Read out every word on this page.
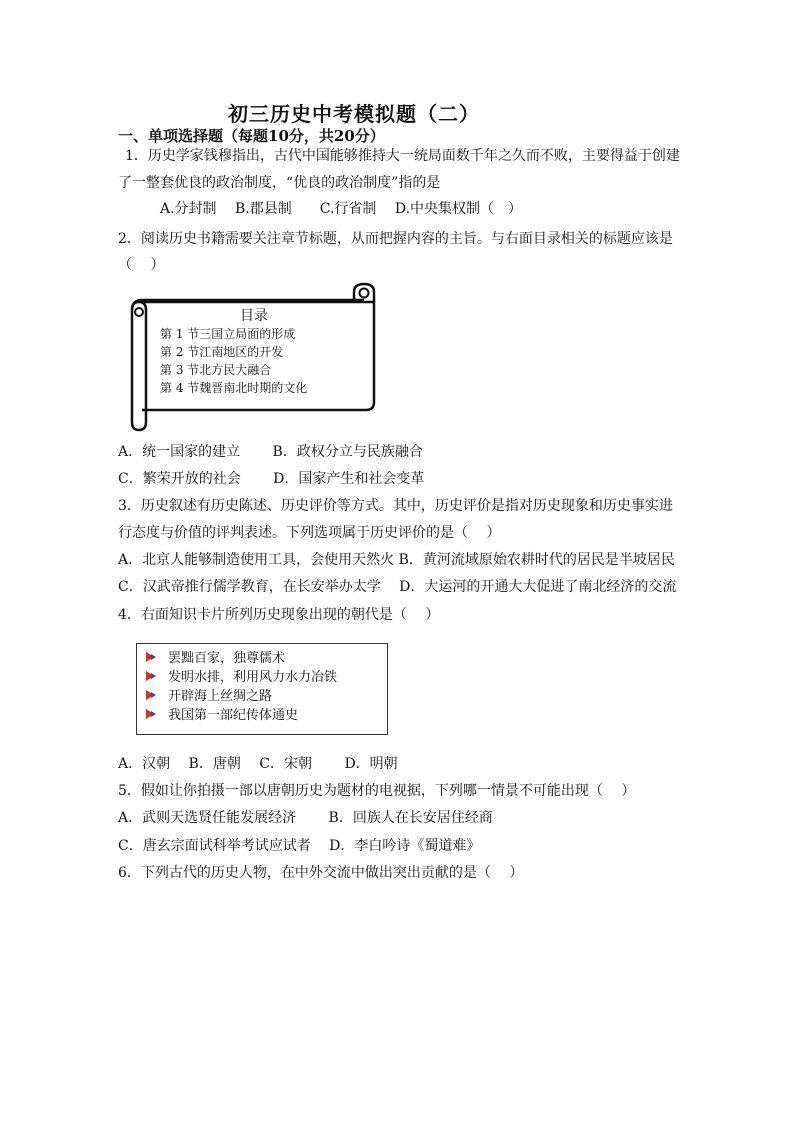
初三历史中考模拟题（二）
一、单项选择题（每题10分，共20分）
1．历史学家钱穆指出，古代中国能够推持大一统局面数千年之久而不败，主要得益于创建
了一整套优良的政治制度，“优良的政治制度”指的是
A.分封制　 B.郡县制　　C.行省制　 D.中央集权制（　）
2．阅读历史书籍需要关注章节标题，从而把握内容的主旨。与右面目录相关的标题应该是
（　 ）
目录
第 1 节三国立局面的形成
第 2 节江南地区的开发
第 3 节北方民大融合
第 4 节魏晋南北时期的文化
A．统一国家的建立　　 B．政权分立与民族融合
C．繁荣开放的社会　　 D．国家产生和社会变革
3．历史叙述有历史陈述、历史评价等方式。其中，历史评价是指对历史现象和历史事实进
行态度与价值的评判表述。下列选项属于历史评价的是（　 ）
A．北京人能够制造使用工具，会使用天然火 B．黄河流域原始农耕时代的居民是半坡居民
C．汉武帝推行儒学教育，在长安举办太学　 D．大运河的开通大大促进了南北经济的交流
4．右面知识卡片所列历史现象出现的朝代是（　 ）
罢黜百家，独尊儒术
发明水排，利用风力水力冶铁
开辟海上丝绸之路
我国第一部纪传体通史
A．汉朝　 B．唐朝　 C．宋朝　　 D．明朝
5．假如让你拍摄一部以唐朝历史为题材的电视据，下列哪一情景不可能出现（　 ）
A．武则天选贤任能发展经济　　 B．回族人在长安居住经商
C．唐玄宗面试科举考试应试者　 D．李白吟诗《蜀道难》
6．下列古代的历史人物，在中外交流中做出突出贡献的是（　 ）
